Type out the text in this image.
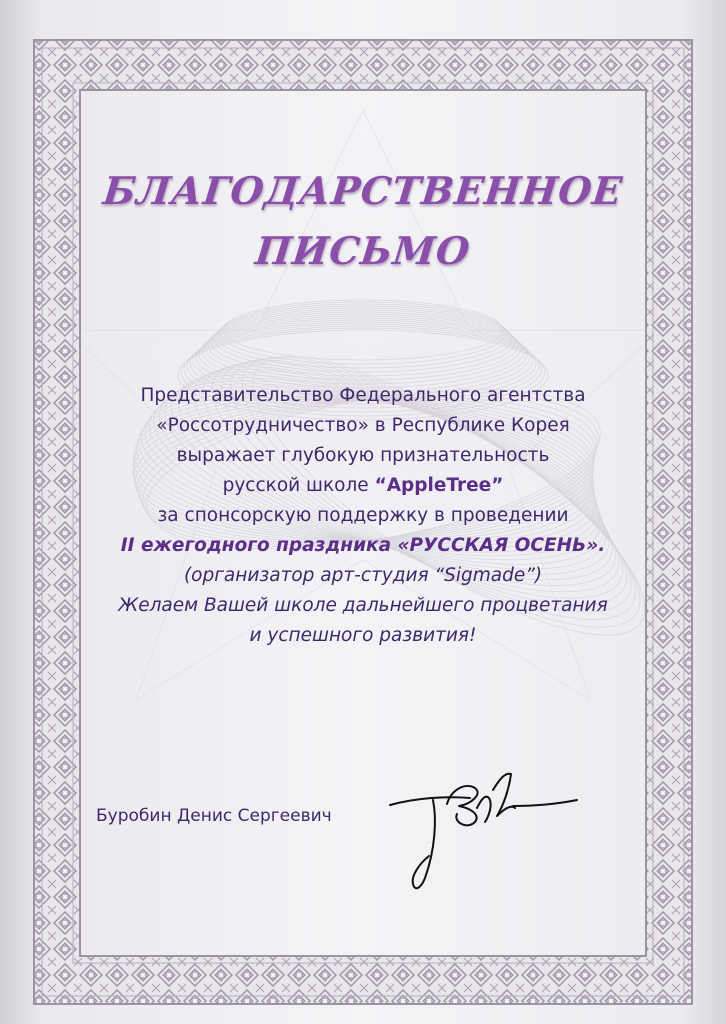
БЛАГОДАРСТВЕННОЕ
ПИСЬМО
Представительство Федерального агентства
«Россотрудничество» в Республике Корея
выражает глубокую признательность
русской школе “AppleTree”
за спонсорскую поддержку в проведении
II ежегодного праздника «РУССКАЯ ОСЕНЬ».
(организатор арт-студия “Sigmade”)
Желаем Вашей школе дальнейшего процветания
и успешного развития!
Буробин Денис Сергеевич
